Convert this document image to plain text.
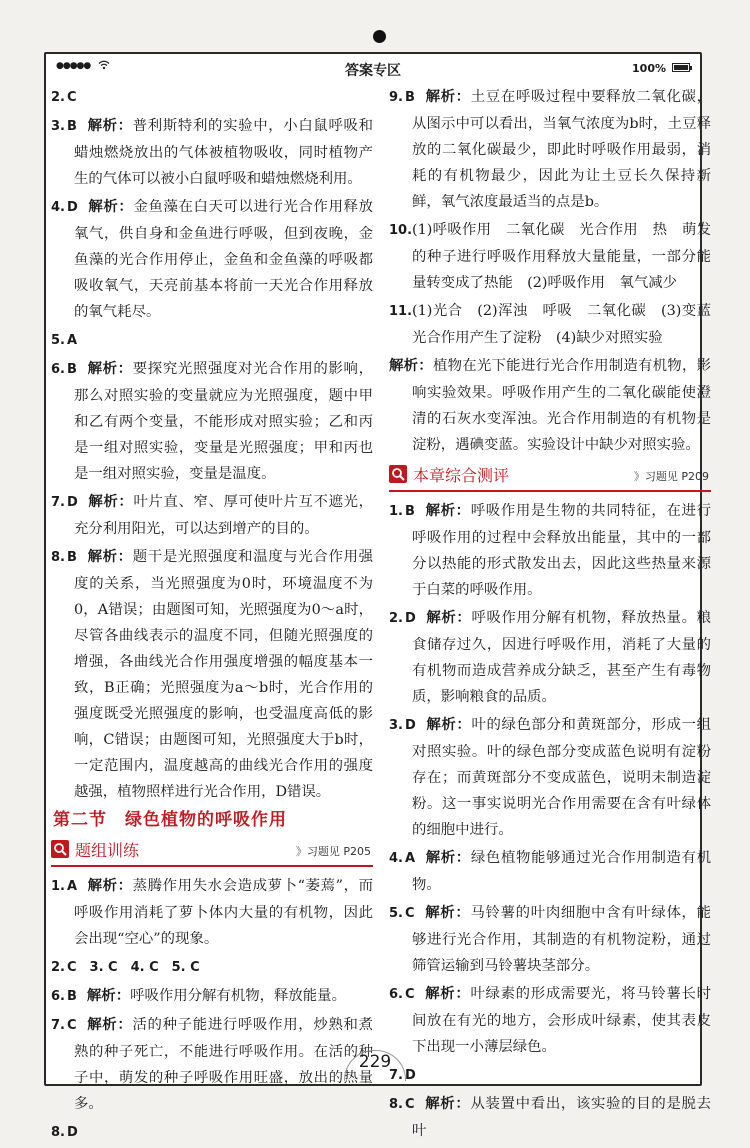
●●●●●	答案专区	100%

2. C

3. B 解析：普利斯特利的实验中，小白鼠呼吸和蜡烛燃烧放出的气体被植物吸收，同时植物产生的气体可以被小白鼠呼吸和蜡烛燃烧利用。

4. D 解析：金鱼藻在白天可以进行光合作用释放氧气，供自身和金鱼进行呼吸，但到夜晚，金鱼藻的光合作用停止，金鱼和金鱼藻的呼吸都吸收氧气，天亮前基本将前一天光合作用释放的氧气耗尽。

5. A

6. B 解析：要探究光照强度对光合作用的影响，那么对照实验的变量就应为光照强度，题中甲和乙有两个变量，不能形成对照实验；乙和丙是一组对照实验，变量是光照强度；甲和丙也是一组对照实验，变量是温度。

7. D 解析：叶片直、窄、厚可使叶片互不遮光，充分利用阳光，可以达到增产的目的。

8. B 解析：题干是光照强度和温度与光合作用强度的关系，当光照强度为0时，环境温度不为0，A错误；由题图可知，光照强度为0～a时，尽管各曲线表示的温度不同，但随光照强度的增强，各曲线光合作用强度增强的幅度基本一致，B正确；光照强度为a～b时，光合作用的强度既受光照强度的影响，也受温度高低的影响，C错误；由题图可知，光照强度大于b时，一定范围内，温度越高的曲线光合作用的强度越强，植物照样进行光合作用，D错误。

第二节　绿色植物的呼吸作用
题组训练	》习题见 P205

1. A 解析：蒸腾作用失水会造成萝卜“萎蔫”，而呼吸作用消耗了萝卜体内大量的有机物，因此会出现“空心”的现象。

2. C　3. C　4. C　5. C

6. B 解析：呼吸作用分解有机物，释放能量。

7. C 解析：活的种子能进行呼吸作用，炒熟和煮熟的种子死亡，不能进行呼吸作用。在活的种子中，萌发的种子呼吸作用旺盛，放出的热量多。

8. D

9. B 解析：土豆在呼吸过程中要释放二氧化碳，从图示中可以看出，当氧气浓度为b时，土豆释放的二氧化碳最少，即此时呼吸作用最弱，消耗的有机物最少，因此为让土豆长久保持新鲜，氧气浓度最适当的点是b。

10.(1)呼吸作用　二氧化碳　光合作用　热　萌发的种子进行呼吸作用释放大量能量，一部分能量转变成了热能　(2)呼吸作用　氧气减少

11.(1)光合　(2)浑浊　呼吸　二氧化碳　(3)变蓝　光合作用产生了淀粉　(4)缺少对照实验

解析：植物在光下能进行光合作用制造有机物，影响实验效果。呼吸作用产生的二氧化碳能使澄清的石灰水变浑浊。光合作用制造的有机物是淀粉，遇碘变蓝。实验设计中缺少对照实验。

本章综合测评	》习题见 P209

1. B 解析：呼吸作用是生物的共同特征，在进行呼吸作用的过程中会释放出能量，其中的一部分以热能的形式散发出去，因此这些热量来源于白菜的呼吸作用。

2. D 解析：呼吸作用分解有机物，释放热量。粮食储存过久，因进行呼吸作用，消耗了大量的有机物而造成营养成分缺乏，甚至产生有毒物质，影响粮食的品质。

3. D 解析：叶的绿色部分和黄斑部分，形成一组对照实验。叶的绿色部分变成蓝色说明有淀粉存在；而黄斑部分不变成蓝色，说明未制造淀粉。这一事实说明光合作用需要在含有叶绿体的细胞中进行。

4. A 解析：绿色植物能够通过光合作用制造有机物。

5. C 解析：马铃薯的叶肉细胞中含有叶绿体，能够进行光合作用，其制造的有机物淀粉，通过筛管运输到马铃薯块茎部分。

6. C 解析：叶绿素的形成需要光，将马铃薯长时间放在有光的地方，会形成叶绿素，使其表皮下出现一小薄层绿色。

7. D

8. C 解析：从装置中看出，该实验的目的是脱去叶

229
